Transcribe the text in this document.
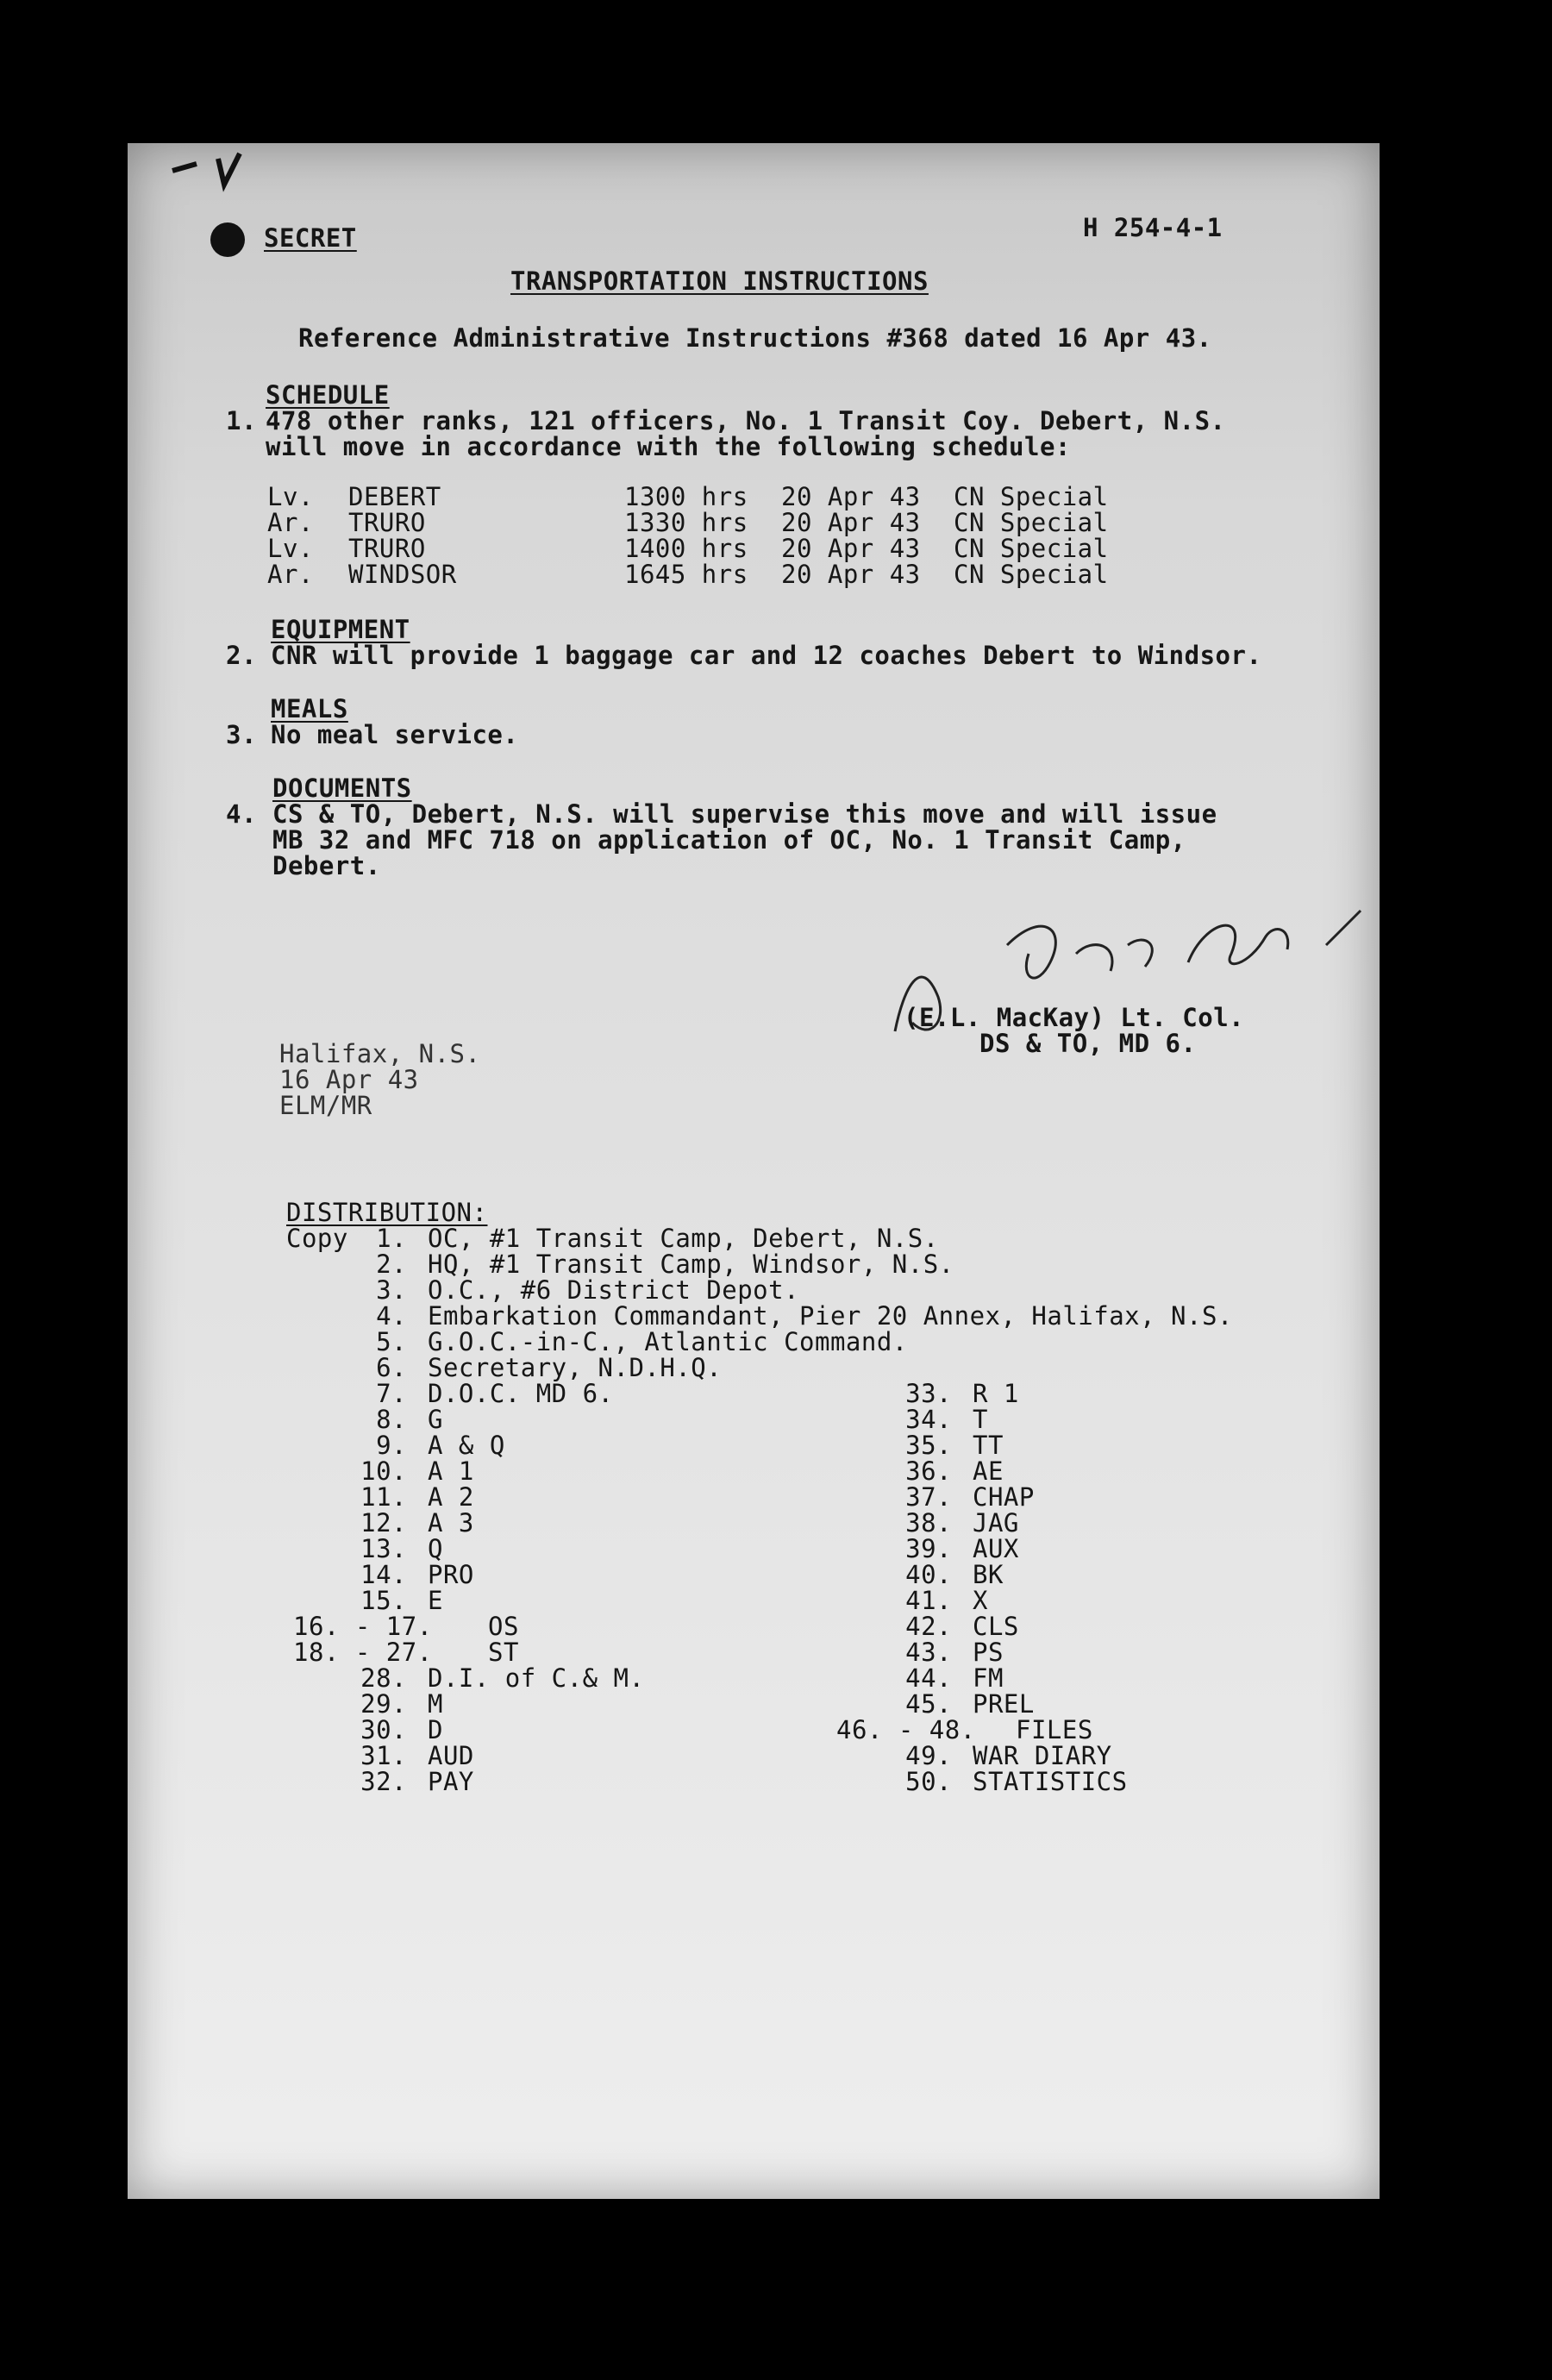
SECRET	H 254-4-1
TRANSPORTATION INSTRUCTIONS
Reference Administrative Instructions #368 dated 16 Apr 43.
SCHEDULE
1. 478 other ranks, 121 officers, No. 1 Transit Coy. Debert, N.S.
will move in accordance with the following schedule:
Lv. DEBERT	1300 hrs 20 Apr 43 CN Special
Ar. TRURO	1330 hrs 20 Apr 43 CN Special
Lv. TRURO	1400 hrs 20 Apr 43 CN Special
Ar. WINDSOR	1645 hrs 20 Apr 43 CN Special
EQUIPMENT
2. CNR will provide 1 baggage car and 12 coaches Debert to Windsor.
MEALS
3. No meal service.
DOCUMENTS
4. CS & TO, Debert, N.S. will supervise this move and will issue
MB 32 and MFC 718 on application of OC, No. 1 Transit Camp,
Debert.
(E.L. MacKay) Lt. Col.
DS & TO, MD 6.
Halifax, N.S.
16 Apr 43
ELM/MR
DISTRIBUTION:
Copy	1. OC, #1 Transit Camp, Debert, N.S.
2. HQ, #1 Transit Camp, Windsor, N.S.
3. O.C., #6 District Depot.
4. Embarkation Commandant, Pier 20 Annex, Halifax, N.S.
5. G.O.C.-in-C., Atlantic Command.
6. Secretary, N.D.H.Q.
7. D.O.C. MD 6.
8. G
9. A & Q
10. A 1
11. A 2
12. A 3
13. Q
14. PRO
15. E
16. - 17. OS
18. - 27. ST
28. D.I. of C.& M.
29. M
30. D
31. AUD
32. PAY
33. R 1
34. T
35. TT
36. AE
37. CHAP
38. JAG
39. AUX
40. BK
41. X
42. CLS
43. PS
44. FM
45. PREL
46. - 48. FILES
49. WAR DIARY
50. STATISTICS
